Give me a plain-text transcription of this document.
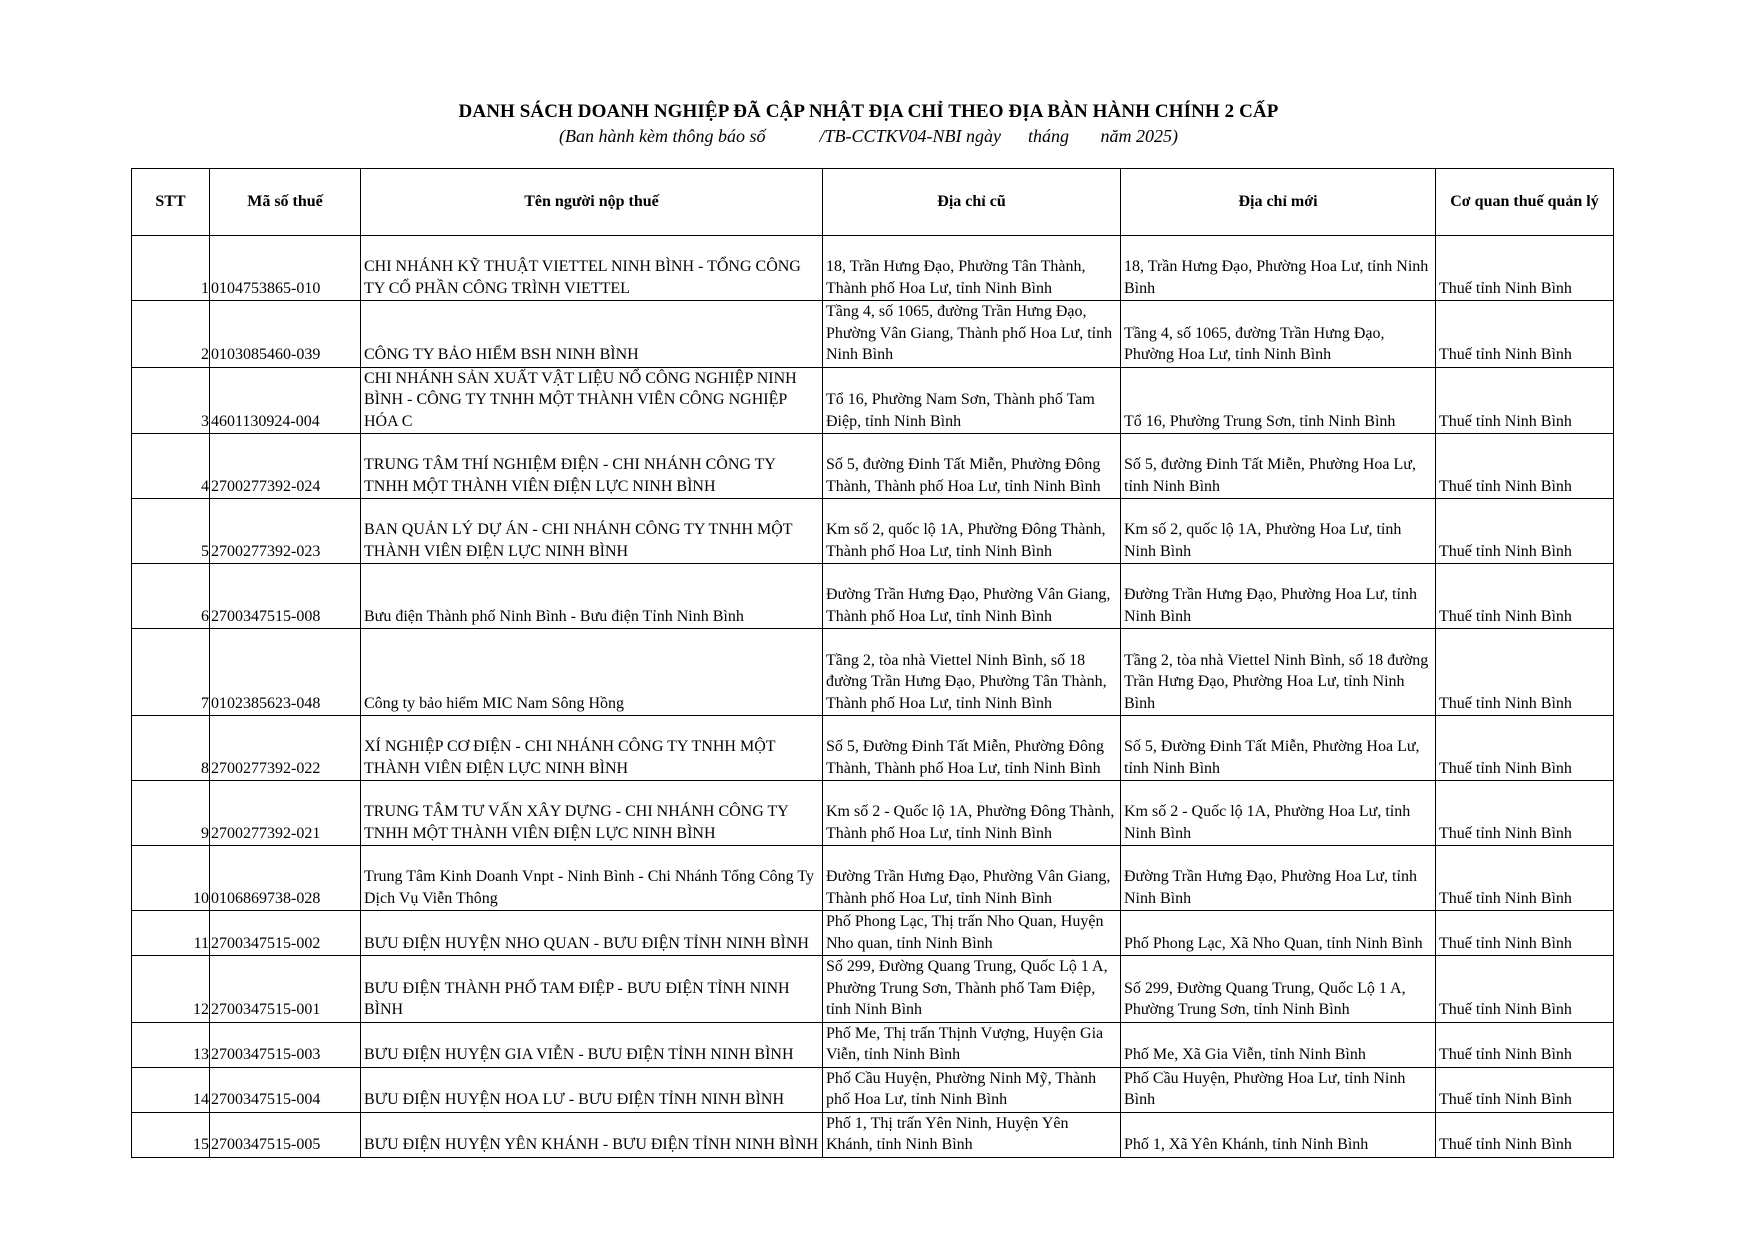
DANH SÁCH DOANH NGHIỆP ĐÃ CẬP NHẬT ĐỊA CHỈ THEO ĐỊA BÀN HÀNH CHÍNH 2 CẤP
(Ban hành kèm thông báo số            /TB-CCTKV04-NBI ngày      tháng       năm 2025)
STT	Mã số thuế	Tên người nộp thuế	Địa chỉ cũ	Địa chỉ mới	Cơ quan thuế quản lý
1	0104753865-010	CHI NHÁNH KỸ THUẬT VIETTEL NINH BÌNH - TỔNG CÔNG TY CỔ PHẦN CÔNG TRÌNH VIETTEL	18, Trần Hưng Đạo, Phường Tân Thành, Thành phố Hoa Lư, tỉnh Ninh Bình	18, Trần Hưng Đạo, Phường Hoa Lư, tỉnh Ninh Bình	Thuế tỉnh Ninh Bình
2	0103085460-039	CÔNG TY BẢO HIỂM BSH NINH BÌNH	Tầng 4, số 1065, đường Trần Hưng Đạo, Phường Vân Giang, Thành phố Hoa Lư, tỉnh Ninh Bình	Tầng 4, số 1065, đường Trần Hưng Đạo, Phường Hoa Lư, tỉnh Ninh Bình	Thuế tỉnh Ninh Bình
3	4601130924-004	CHI NHÁNH SẢN XUẤT VẬT LIỆU NỔ CÔNG NGHIỆP NINH BÌNH - CÔNG TY TNHH MỘT THÀNH VIÊN CÔNG NGHIỆP HÓA C	Tổ 16, Phường Nam Sơn, Thành phố Tam Điệp, tỉnh Ninh Bình	Tổ 16, Phường Trung Sơn, tỉnh Ninh Bình	Thuế tỉnh Ninh Bình
4	2700277392-024	TRUNG TÂM THÍ NGHIỆM ĐIỆN - CHI NHÁNH CÔNG TY TNHH MỘT THÀNH VIÊN ĐIỆN LỰC NINH BÌNH	Số 5, đường Đinh Tất Miễn, Phường Đông Thành, Thành phố Hoa Lư, tỉnh Ninh Bình	Số 5, đường Đinh Tất Miễn, Phường Hoa Lư, tỉnh Ninh Bình	Thuế tỉnh Ninh Bình
5	2700277392-023	BAN QUẢN LÝ DỰ ÁN - CHI NHÁNH CÔNG TY TNHH MỘT THÀNH VIÊN ĐIỆN LỰC NINH BÌNH	Km số 2, quốc lộ 1A, Phường Đông Thành, Thành phố Hoa Lư, tỉnh Ninh Bình	Km số 2, quốc lộ 1A, Phường Hoa Lư, tỉnh Ninh Bình	Thuế tỉnh Ninh Bình
6	2700347515-008	Bưu điện Thành phố Ninh Bình - Bưu điện Tỉnh Ninh Bình	Đường Trần Hưng Đạo, Phường Vân Giang, Thành phố Hoa Lư, tỉnh Ninh Bình	Đường Trần Hưng Đạo, Phường Hoa Lư, tỉnh Ninh Bình	Thuế tỉnh Ninh Bình
7	0102385623-048	Công ty bảo hiểm MIC Nam Sông Hồng	Tầng 2, tòa nhà Viettel Ninh Bình, số 18 đường Trần Hưng Đạo, Phường Tân Thành, Thành phố Hoa Lư, tỉnh Ninh Bình	Tầng 2, tòa nhà Viettel Ninh Bình, số 18 đường Trần Hưng Đạo, Phường Hoa Lư, tỉnh Ninh Bình	Thuế tỉnh Ninh Bình
8	2700277392-022	XÍ NGHIỆP CƠ ĐIỆN - CHI NHÁNH CÔNG TY TNHH MỘT THÀNH VIÊN ĐIỆN LỰC NINH BÌNH	Số 5, Đường Đinh Tất Miễn, Phường Đông Thành, Thành phố Hoa Lư, tỉnh Ninh Bình	Số 5, Đường Đinh Tất Miễn, Phường Hoa Lư, tỉnh Ninh Bình	Thuế tỉnh Ninh Bình
9	2700277392-021	TRUNG TÂM TƯ VẤN XÂY DỰNG - CHI NHÁNH CÔNG TY TNHH MỘT THÀNH VIÊN ĐIỆN LỰC NINH BÌNH	Km số 2 - Quốc lộ 1A, Phường Đông Thành, Thành phố Hoa Lư, tỉnh Ninh Bình	Km số 2 - Quốc lộ 1A, Phường Hoa Lư, tỉnh Ninh Bình	Thuế tỉnh Ninh Bình
10	0106869738-028	Trung Tâm Kinh Doanh Vnpt - Ninh Bình - Chi Nhánh Tổng Công Ty Dịch Vụ Viễn Thông	Đường Trần Hưng Đạo, Phường Vân Giang, Thành phố Hoa Lư, tỉnh Ninh Bình	Đường Trần Hưng Đạo, Phường Hoa Lư, tỉnh Ninh Bình	Thuế tỉnh Ninh Bình
11	2700347515-002	BƯU ĐIỆN HUYỆN NHO QUAN - BƯU ĐIỆN TỈNH NINH BÌNH	Phố Phong Lạc, Thị trấn Nho Quan, Huyện Nho quan, tỉnh Ninh Bình	Phố Phong Lạc, Xã Nho Quan, tỉnh Ninh Bình	Thuế tỉnh Ninh Bình
12	2700347515-001	BƯU ĐIỆN THÀNH PHỐ TAM ĐIỆP - BƯU ĐIỆN TỈNH NINH BÌNH	Số 299, Đường Quang Trung, Quốc Lộ 1 A, Phường Trung Sơn, Thành phố Tam Điệp, tỉnh Ninh Bình	Số 299, Đường Quang Trung, Quốc Lộ 1 A, Phường Trung Sơn, tỉnh Ninh Bình	Thuế tỉnh Ninh Bình
13	2700347515-003	BƯU ĐIỆN HUYỆN GIA VIỄN - BƯU ĐIỆN TỈNH NINH BÌNH	Phố Me, Thị trấn Thịnh Vượng, Huyện Gia Viễn, tỉnh Ninh Bình	Phố Me, Xã Gia Viễn, tỉnh Ninh Bình	Thuế tỉnh Ninh Bình
14	2700347515-004	BƯU ĐIỆN HUYỆN HOA LƯ - BƯU ĐIỆN TỈNH NINH BÌNH	Phố Cầu Huyện, Phường Ninh Mỹ, Thành phố Hoa Lư, tỉnh Ninh Bình	Phố Cầu Huyện, Phường Hoa Lư, tỉnh Ninh Bình	Thuế tỉnh Ninh Bình
15	2700347515-005	BƯU ĐIỆN HUYỆN YÊN KHÁNH - BƯU ĐIỆN TỈNH NINH BÌNH	Phố 1, Thị trấn Yên Ninh, Huyện Yên Khánh, tỉnh Ninh Bình	Phố 1, Xã Yên Khánh, tỉnh Ninh Bình	Thuế tỉnh Ninh Bình
